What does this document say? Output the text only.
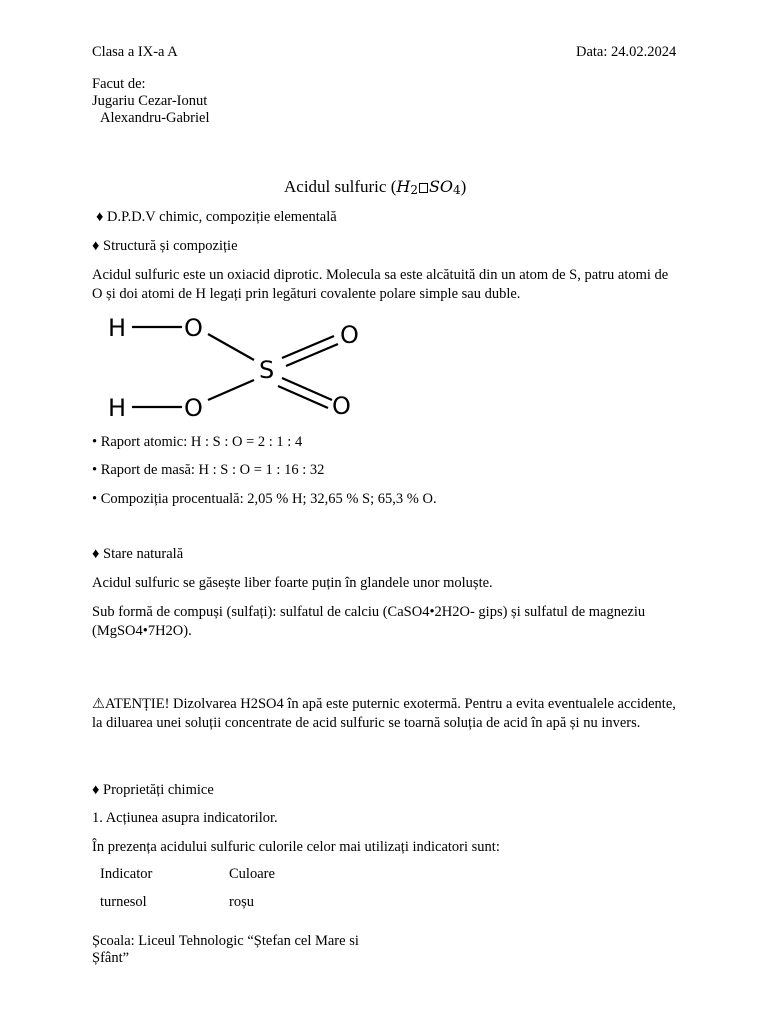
Clasa a IX-a A	Data: 24.02.2024
Facut de:
Jugariu Cezar-Ionut
Alexandru-Gabriel
Acidul sulfuric (H2 SO4)
♦ D.P.D.V chimic, compoziție elementală
♦ Structură și compoziție
Acidul sulfuric este un oxiacid diprotic. Molecula sa este alcătuită din un atom de S, patru atomi de O și doi atomi de H legați prin legături covalente polare simple sau duble.
H O	O
S
H O	O
• Raport atomic: H : S : O = 2 : 1 : 4
• Raport de masă: H : S : O = 1 : 16 : 32
• Compoziția procentuală: 2,05 % H; 32,65 % S; 65,3 % O.
♦ Stare naturală
Acidul sulfuric se găsește liber foarte puțin în glandele unor moluște.
Sub formă de compuși (sulfați): sulfatul de calciu (CaSO4•2H2O- gips) și sulfatul de magneziu (MgSO4•7H2O).
⚠ATENȚIE! Dizolvarea H2SO4 în apă este puternic exotermă. Pentru a evita eventualele accidente, la diluarea unei soluții concentrate de acid sulfuric se toarnă soluția de acid în apă și nu invers.
♦ Proprietăți chimice
1. Acțiunea asupra indicatorilor.
În prezența acidului sulfuric culorile celor mai utilizați indicatori sunt:
Indicator	Culoare
turnesol	roșu
Școala: Liceul Tehnologic “Ștefan cel Mare si
Șfânt”
